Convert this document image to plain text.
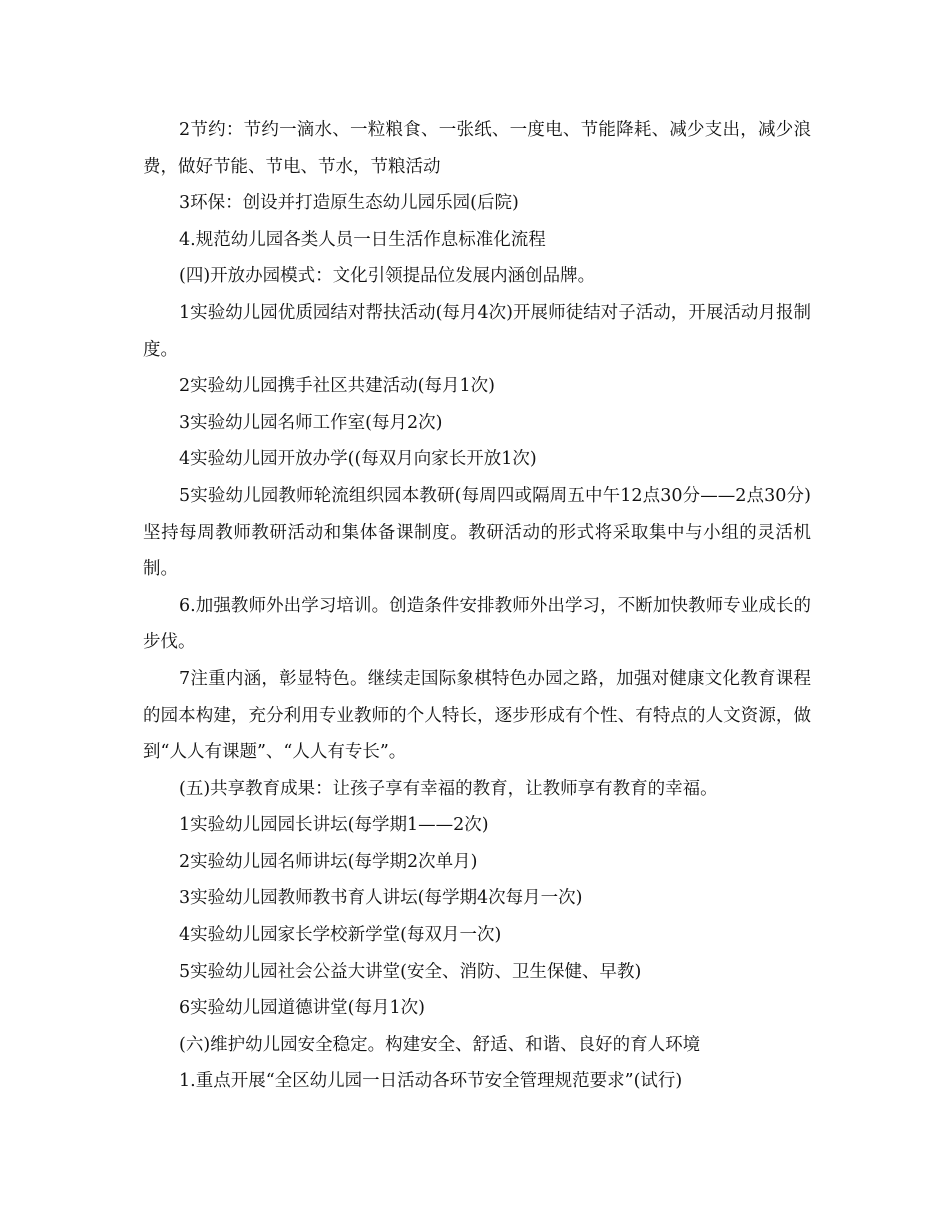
2节约：节约一滴水、一粒粮食、一张纸、一度电、节能降耗、减少支出，减少浪费，做好节能、节电、节水，节粮活动

3环保：创设并打造原生态幼儿园乐园(后院)

4.规范幼儿园各类人员一日生活作息标准化流程

(四)开放办园模式：文化引领提品位发展内涵创品牌。

1实验幼儿园优质园结对帮扶活动(每月4次)开展师徒结对子活动，开展活动月报制度。

2实验幼儿园携手社区共建活动(每月1次)

3实验幼儿园名师工作室(每月2次)

4实验幼儿园开放办学((每双月向家长开放1次)

5实验幼儿园教师轮流组织园本教研(每周四或隔周五中午12点30分——2点30分)坚持每周教师教研活动和集体备课制度。教研活动的形式将采取集中与小组的灵活机制。

6.加强教师外出学习培训。创造条件安排教师外出学习，不断加快教师专业成长的步伐。

7注重内涵，彰显特色。继续走国际象棋特色办园之路，加强对健康文化教育课程的园本构建，充分利用专业教师的个人特长，逐步形成有个性、有特点的人文资源，做到“人人有课题”、“人人有专长”。

(五)共享教育成果：让孩子享有幸福的教育，让教师享有教育的幸福。

1实验幼儿园园长讲坛(每学期1——2次)

2实验幼儿园名师讲坛(每学期2次单月)

3实验幼儿园教师教书育人讲坛(每学期4次每月一次)

4实验幼儿园家长学校新学堂(每双月一次)

5实验幼儿园社会公益大讲堂(安全、消防、卫生保健、早教)

6实验幼儿园道德讲堂(每月1次)

(六)维护幼儿园安全稳定。构建安全、舒适、和谐、良好的育人环境

1.重点开展“全区幼儿园一日活动各环节安全管理规范要求”(试行)
